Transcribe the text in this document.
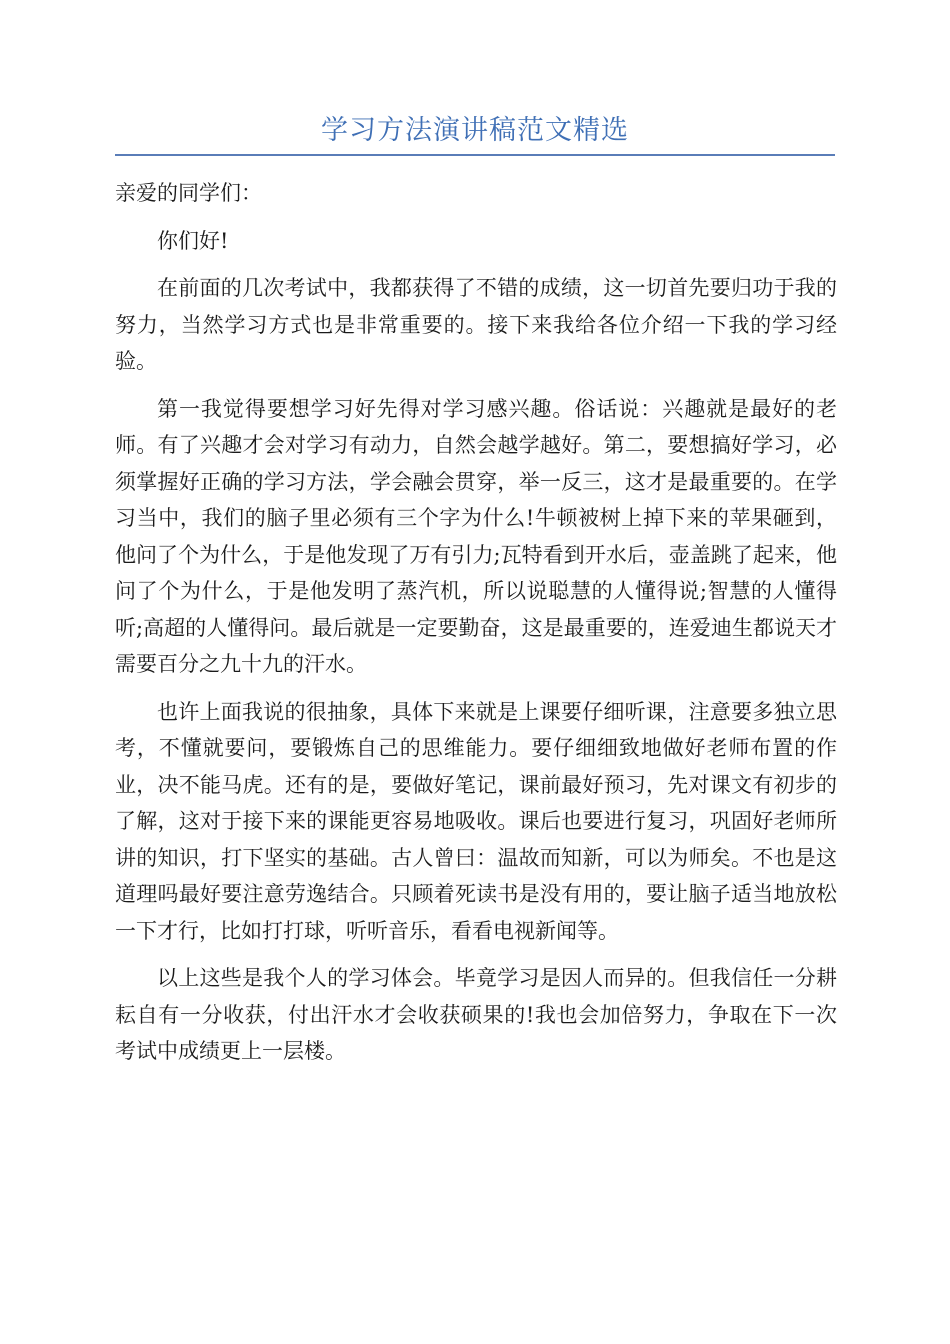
学习方法演讲稿范文精选

亲爱的同学们：

你们好!

在前面的几次考试中，我都获得了不错的成绩，这一切首先要归功于我的努力，当然学习方式也是非常重要的。接下来我给各位介绍一下我的学习经验。

第一我觉得要想学习好先得对学习感兴趣。俗话说：兴趣就是最好的老师。有了兴趣才会对学习有动力，自然会越学越好。第二，要想搞好学习，必须掌握好正确的学习方法，学会融会贯穿，举一反三，这才是最重要的。在学习当中，我们的脑子里必须有三个字为什么!牛顿被树上掉下来的苹果砸到，他问了个为什么，于是他发现了万有引力;瓦特看到开水后，壶盖跳了起来，他问了个为什么，于是他发明了蒸汽机，所以说聪慧的人懂得说;智慧的人懂得听;高超的人懂得问。最后就是一定要勤奋，这是最重要的，连爱迪生都说天才需要百分之九十九的汗水。

也许上面我说的很抽象，具体下来就是上课要仔细听课，注意要多独立思考，不懂就要问，要锻炼自己的思维能力。要仔细细致地做好老师布置的作业，决不能马虎。还有的是，要做好笔记，课前最好预习，先对课文有初步的了解，这对于接下来的课能更容易地吸收。课后也要进行复习，巩固好老师所讲的知识，打下坚实的基础。古人曾曰：温故而知新，可以为师矣。不也是这道理吗最好要注意劳逸结合。只顾着死读书是没有用的，要让脑子适当地放松一下才行，比如打打球，听听音乐，看看电视新闻等。

以上这些是我个人的学习体会。毕竟学习是因人而异的。但我信任一分耕耘自有一分收获，付出汗水才会收获硕果的!我也会加倍努力，争取在下一次考试中成绩更上一层楼。
